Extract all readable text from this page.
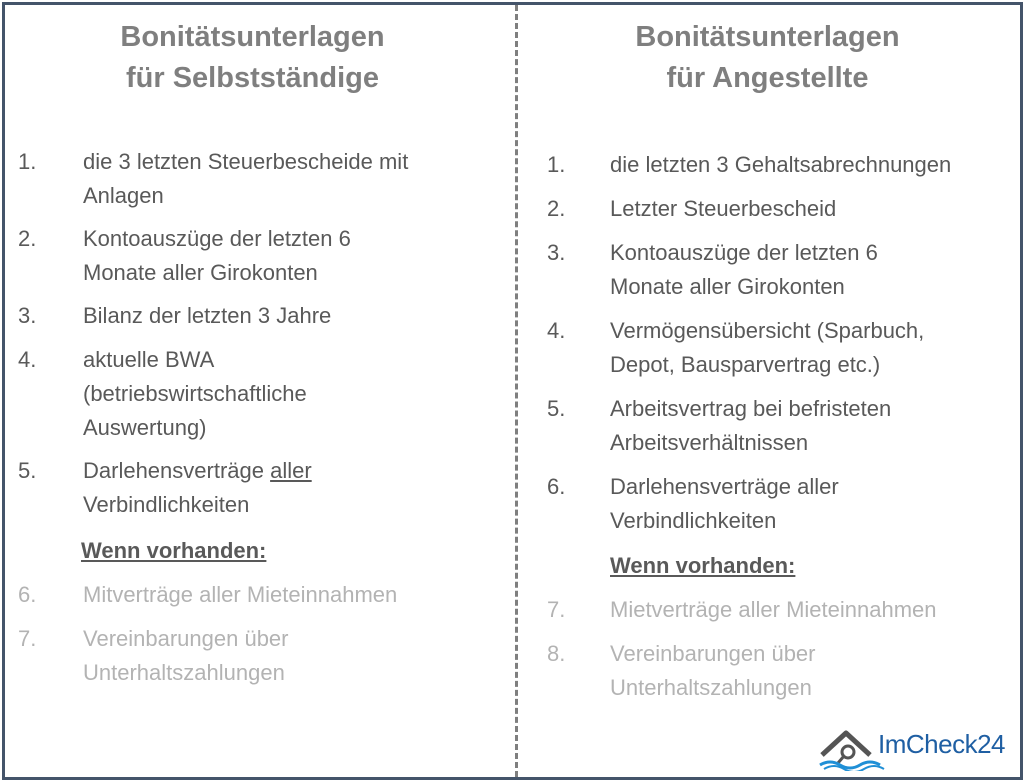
Bonitätsunterlagen
für Selbstständige
1. die 3 letzten Steuerbescheide mit
Anlagen
2. Kontoauszüge der letzten 6
Monate aller Girokonten
3. Bilanz der letzten 3 Jahre
4. aktuelle BWA
(betriebswirtschaftliche
Auswertung)
5. Darlehensverträge aller
Verbindlichkeiten
Wenn vorhanden:
6. Mitverträge aller Mieteinnahmen
7. Vereinbarungen über
Unterhaltszahlungen
Bonitätsunterlagen
für Angestellte
1. die letzten 3 Gehaltsabrechnungen
2. Letzter Steuerbescheid
3. Kontoauszüge der letzten 6
Monate aller Girokonten
4. Vermögensübersicht (Sparbuch,
Depot, Bausparvertrag etc.)
5. Arbeitsvertrag bei befristeten
Arbeitsverhältnissen
6. Darlehensverträge aller
Verbindlichkeiten
Wenn vorhanden:
7. Mietverträge aller Mieteinnahmen
8. Vereinbarungen über
Unterhaltszahlungen
ImCheck24
